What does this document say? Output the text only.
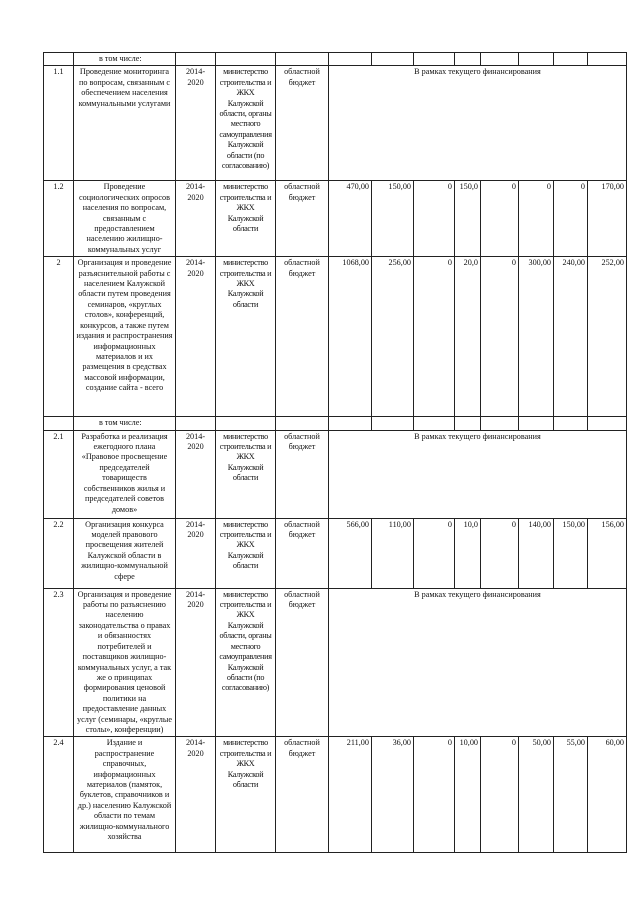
	в том числе:											
1.1	Проведение мониторинга по вопросам, связанным с обеспечением населения коммунальными услугами	2014-2020	министерство строительства и ЖКХ Калужской области, органы местного самоуправления Калужской области (по согласованию)	областной бюджет	В рамках текущего финансирования							
1.2	Проведение социологических опросов населения по вопросам, связанным с предоставлением населению жилищно-коммунальных услуг	2014-2020	министерство строительства и ЖКХ Калужской области	областной бюджет	470,00	150,00	0	150,0	0	0	0	170,00
2	Организация и проведение разъяснительной работы с населением Калужской области путем проведения семинаров, «круглых столов», конференций, конкурсов, а также путем издания и распространения информационных материалов и их размещения в средствах массовой информации, создание сайта - всего	2014-2020	министерство строительства и ЖКХ Калужской области	областной бюджет	1068,00	256,00	0	20,0	0	300,00	240,00	252,00
	в том числе:											
2.1	Разработка и реализация ежегодного плана «Правовое просвещение председателей товариществ собственников жилья и председателей советов домов»	2014-2020	министерство строительства и ЖКХ Калужской области	областной бюджет	В рамках текущего финансирования							
2.2	Организация конкурса моделей правового просвещения жителей Калужской области в жилищно-коммунальной сфере	2014-2020	министерство строительства и ЖКХ Калужской области	областной бюджет	566,00	110,00	0	10,0	0	140,00	150,00	156,00
2.3	Организация и проведение работы по разъяснению населению законодательства о правах и обязанностях потребителей и поставщиков жилищно-коммунальных услуг, а так же о принципах формирования ценовой политики на предоставление данных услуг (семинары, «круглые столы», конференции)	2014-2020	министерство строительства и ЖКХ Калужской области, органы местного самоуправления Калужской области (по согласованию)	областной бюджет	В рамках текущего финансирования							
2.4	Издание и распространение справочных, информационных материалов (памяток, буклетов, справочников и др.) населению Калужской области по темам жилищно-коммунального хозяйства	2014-2020	министерство строительства и ЖКХ Калужской области	областной бюджет	211,00	36,00	0	10,00	0	50,00	55,00	60,00
